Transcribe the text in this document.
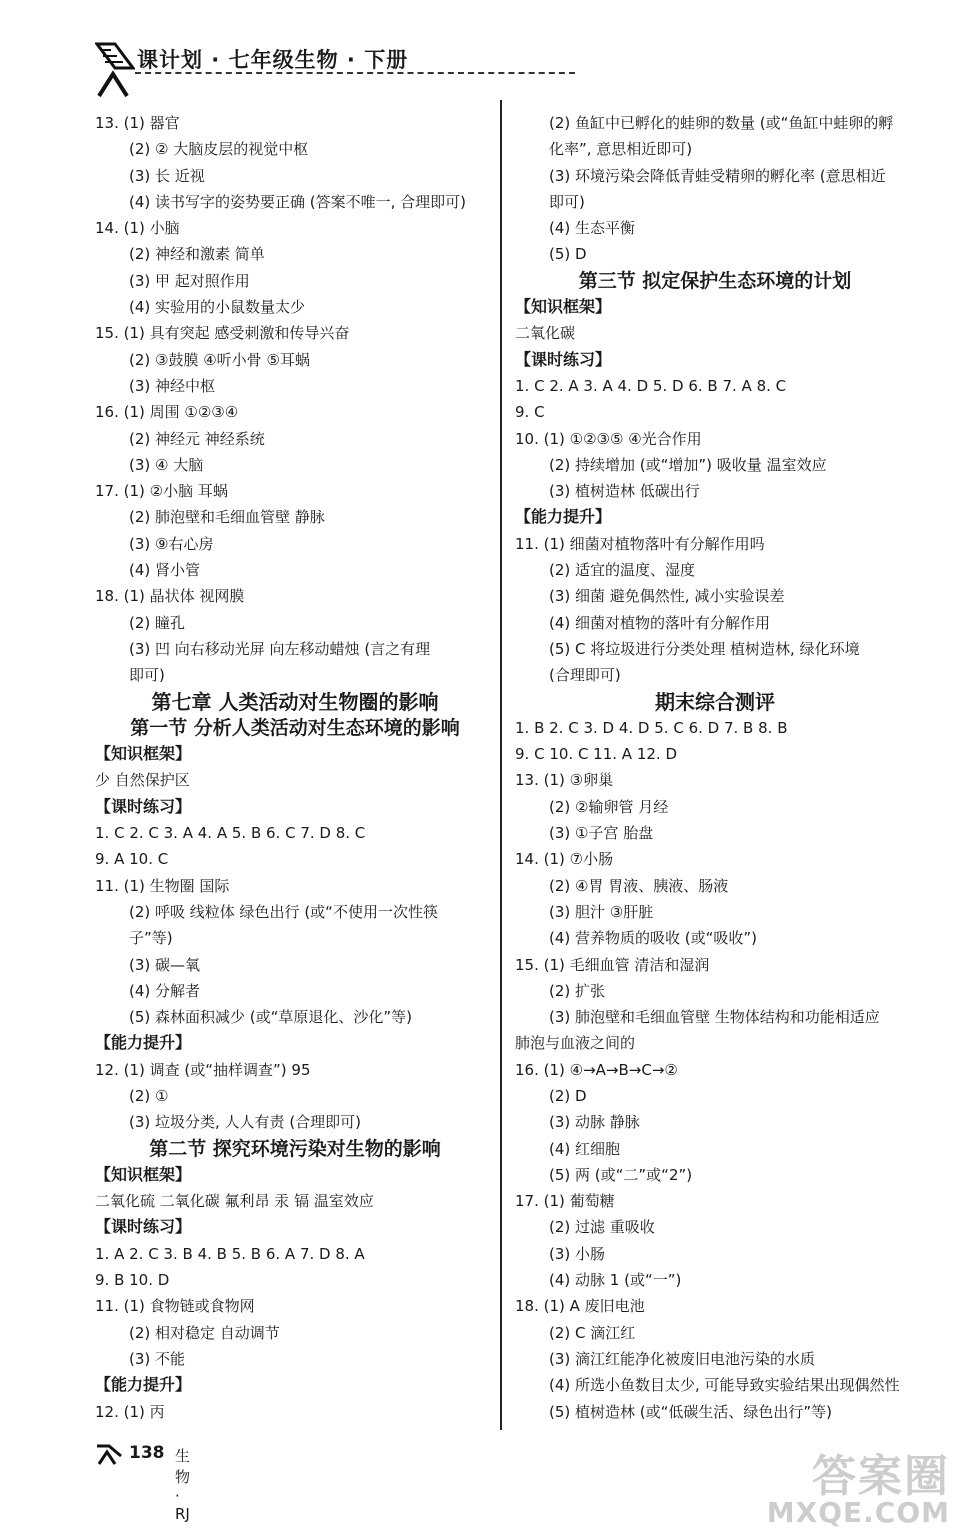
课计划 · 七年级生物 · 下册
13. (1) 器官
(2) ② 大脑皮层的视觉中枢
(3) 长 近视
(4) 读书写字的姿势要正确 (答案不唯一, 合理即可)
14. (1) 小脑
(2) 神经和激素 简单
(3) 甲 起对照作用
(4) 实验用的小鼠数量太少
15. (1) 具有突起 感受刺激和传导兴奋
(2) ③鼓膜 ④听小骨 ⑤耳蜗
(3) 神经中枢
16. (1) 周围 ①②③④
(2) 神经元 神经系统
(3) ④ 大脑
17. (1) ②小脑 耳蜗
(2) 肺泡壁和毛细血管壁 静脉
(3) ⑨右心房
(4) 肾小管
18. (1) 晶状体 视网膜
(2) 瞳孔
(3) 凹 向右移动光屏 向左移动蜡烛 (言之有理
即可)
第七章 人类活动对生物圈的影响
第一节 分析人类活动对生态环境的影响
【知识框架】
少 自然保护区
【课时练习】
1. C 2. C 3. A 4. A 5. B 6. C 7. D 8. C
9. A 10. C
11. (1) 生物圈 国际
(2) 呼吸 线粒体 绿色出行 (或“不使用一次性筷
子”等)
(3) 碳—氧
(4) 分解者
(5) 森林面积减少 (或“草原退化、沙化”等)
【能力提升】
12. (1) 调查 (或“抽样调查”) 95
(2) ①
(3) 垃圾分类, 人人有责 (合理即可)
第二节 探究环境污染对生物的影响
【知识框架】
二氧化硫 二氧化碳 氟利昂 汞 镉 温室效应
【课时练习】
1. A 2. C 3. B 4. B 5. B 6. A 7. D 8. A
9. B 10. D
11. (1) 食物链或食物网
(2) 相对稳定 自动调节
(3) 不能
【能力提升】
12. (1) 丙
(2) 鱼缸中已孵化的蛙卵的数量 (或“鱼缸中蛙卵的孵
化率”, 意思相近即可)
(3) 环境污染会降低青蛙受精卵的孵化率 (意思相近
即可)
(4) 生态平衡
(5) D
第三节 拟定保护生态环境的计划
【知识框架】
二氧化碳
【课时练习】
1. C 2. A 3. A 4. D 5. D 6. B 7. A 8. C
9. C
10. (1) ①②③⑤ ④光合作用
(2) 持续增加 (或“增加”) 吸收量 温室效应
(3) 植树造林 低碳出行
【能力提升】
11. (1) 细菌对植物落叶有分解作用吗
(2) 适宜的温度、湿度
(3) 细菌 避免偶然性, 减小实验误差
(4) 细菌对植物的落叶有分解作用
(5) C 将垃圾进行分类处理 植树造林, 绿化环境
(合理即可)
期末综合测评
1. B 2. C 3. D 4. D 5. C 6. D 7. B 8. B
9. C 10. C 11. A 12. D
13. (1) ③卵巢
(2) ②输卵管 月经
(3) ①子宫 胎盘
14. (1) ⑦小肠
(2) ④胃 胃液、胰液、肠液
(3) 胆汁 ③肝脏
(4) 营养物质的吸收 (或“吸收”)
15. (1) 毛细血管 清洁和湿润
(2) 扩张
(3) 肺泡壁和毛细血管壁 生物体结构和功能相适应
肺泡与血液之间的
16. (1) ④→A→B→C→②
(2) D
(3) 动脉 静脉
(4) 红细胞
(5) 两 (或“二”或“2”)
17. (1) 葡萄糖
(2) 过滤 重吸收
(3) 小肠
(4) 动脉 1 (或“一”)
18. (1) A 废旧电池
(2) C 滴江红
(3) 滴江红能净化被废旧电池污染的水质
(4) 所选小鱼数目太少, 可能导致实验结果出现偶然性
(5) 植树造林 (或“低碳生活、绿色出行”等)
138 生物 · RJ
答案圈
MXQE.COM
